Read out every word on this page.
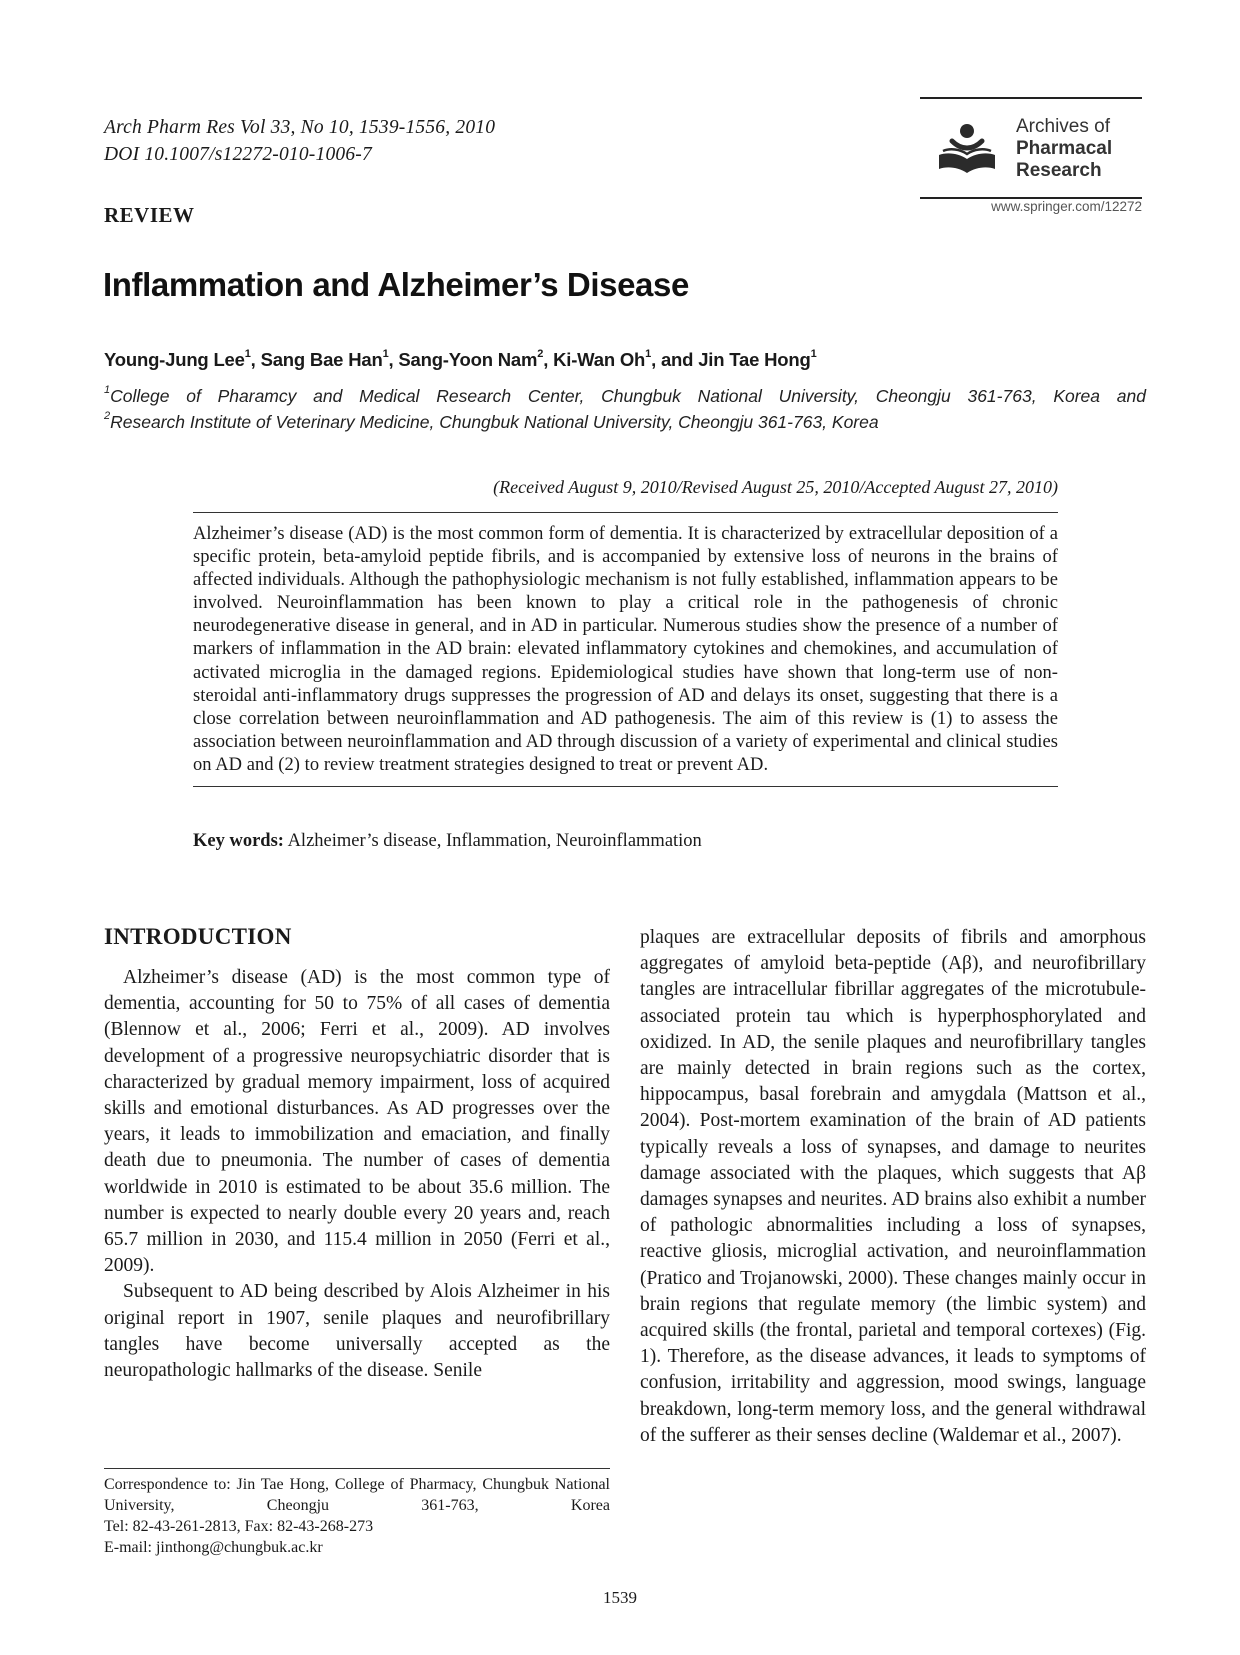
Arch Pharm Res Vol 33, No 10, 1539-1556, 2010
DOI 10.1007/s12272-010-1006-7
Archives of
Pharmacal
Research
www.springer.com/12272
REVIEW
Inflammation and Alzheimer’s Disease
Young-Jung Lee$^1$, Sang Bae Han$^1$, Sang-Yoon Nam$^2$, Ki-Wan Oh$^1$, and Jin Tae Hong$^1$
$^1$College of Pharamcy and Medical Research Center, Chungbuk National University, Cheongju 361-763, Korea and
$^2$Research Institute of Veterinary Medicine, Chungbuk National University, Cheongju 361-763, Korea
(Received August 9, 2010/Revised August 25, 2010/Accepted August 27, 2010)

Alzheimer’s disease (AD) is the most common form of dementia. It is characterized by extracellular deposition of a specific protein, beta-amyloid peptide fibrils, and is accompanied by extensive loss of neurons in the brains of affected individuals. Although the pathophysiologic mechanism is not fully established, inflammation appears to be involved. Neuroinflammation has been known to play a critical role in the pathogenesis of chronic neurodegenerative disease in general, and in AD in particular. Numerous studies show the presence of a number of markers of inflammation in the AD brain: elevated inflammatory cytokines and chemokines, and accumulation of activated microglia in the damaged regions. Epidemiological studies have shown that long-term use of non-steroidal anti-inflammatory drugs suppresses the progression of AD and delays its onset, suggesting that there is a close correlation between neuroinflammation and AD pathogenesis. The aim of this review is (1) to assess the association between neuroinflammation and AD through discussion of a variety of experimental and clinical studies on AD and (2) to review treatment strategies designed to treat or prevent AD.

Key words: Alzheimer’s disease, Inflammation, Neuroinflammation
INTRODUCTION

Alzheimer’s disease (AD) is the most common type of dementia, accounting for 50 to 75% of all cases of dementia (Blennow et al., 2006; Ferri et al., 2009). AD involves development of a progressive neuropsychiatric disorder that is characterized by gradual memory impairment, loss of acquired skills and emotional disturbances. As AD progresses over the years, it leads to immobilization and emaciation, and finally death due to pneumonia. The number of cases of dementia worldwide in 2010 is estimated to be about 35.6 million. The number is expected to nearly double every 20 years and, reach 65.7 million in 2030, and 115.4 million in 2050 (Ferri et al., 2009).

Subsequent to AD being described by Alois Alzheimer in his original report in 1907, senile plaques and neurofibrillary tangles have become universally accepted as the neuropathologic hallmarks of the disease. Senile

plaques are extracellular deposits of fibrils and amorphous aggregates of amyloid beta-peptide (Aβ), and neurofibrillary tangles are intracellular fibrillar aggregates of the microtubule-associated protein tau which is hyperphosphorylated and oxidized. In AD, the senile plaques and neurofibrillary tangles are mainly detected in brain regions such as the cortex, hippocampus, basal forebrain and amygdala (Mattson et al., 2004). Post-mortem examination of the brain of AD patients typically reveals a loss of synapses, and damage to neurites damage associated with the plaques, which suggests that Aβ damages synapses and neurites. AD brains also exhibit a number of pathologic abnormalities including a loss of synapses, reactive gliosis, microglial activation, and neuroinflammation (Pratico and Trojanowski, 2000). These changes mainly occur in brain regions that regulate memory (the limbic system) and acquired skills (the frontal, parietal and temporal cortexes) (Fig. 1). Therefore, as the disease advances, it leads to symptoms of confusion, irritability and aggression, mood swings, language breakdown, long-term memory loss, and the general withdrawal of the sufferer as their senses decline (Waldemar et al., 2007).

Correspondence to: Jin Tae Hong, College of Pharmacy, Chungbuk National University, Cheongju 361-763, Korea
Tel: 82-43-261-2813, Fax: 82-43-268-273
E-mail: jinthong@chungbuk.ac.kr
1539
